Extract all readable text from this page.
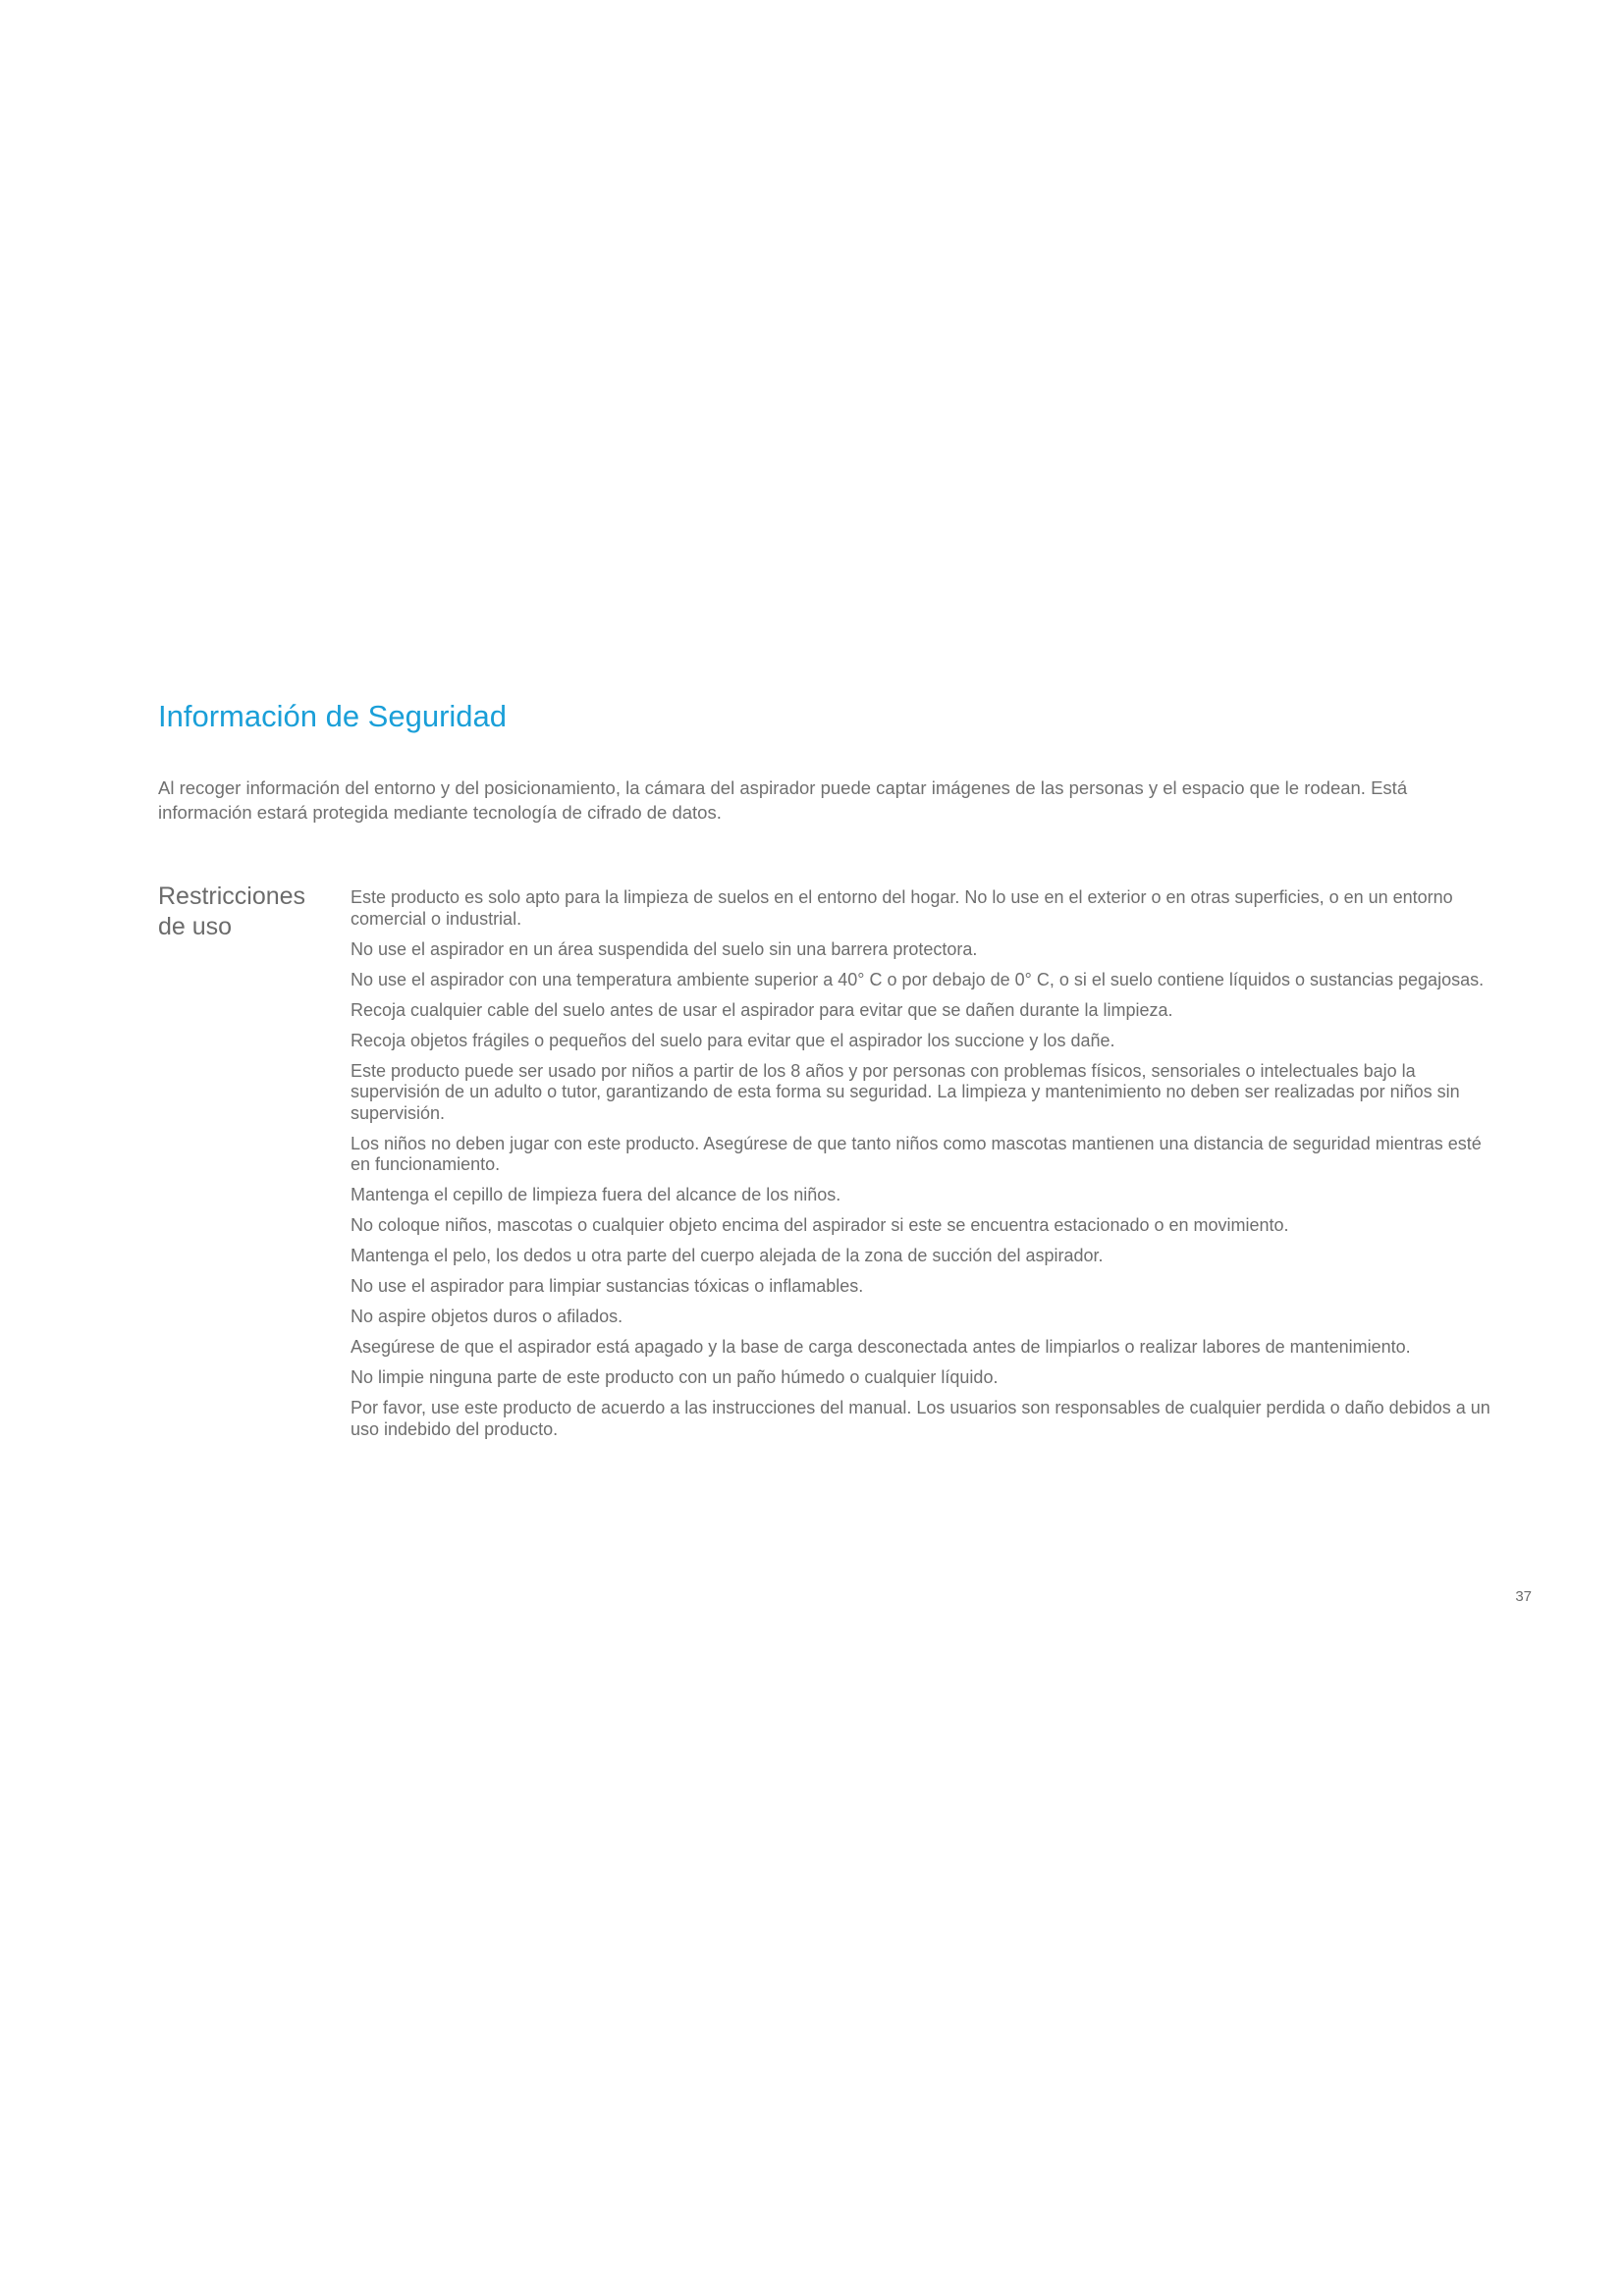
Información de Seguridad

Al recoger información del entorno y del posicionamiento, la cámara del aspirador puede captar imágenes de las personas y el espacio que le rodean. Está información estará protegida mediante tecnología de cifrado de datos.

Restricciones
de uso
Este producto es solo apto para la limpieza de suelos en el entorno del hogar. No lo use en el exterior o en otras superficies, o en un entorno comercial o industrial.
No use el aspirador en un área suspendida del suelo sin una barrera protectora.
No use el aspirador con una temperatura ambiente superior a 40° C o por debajo de 0° C, o si el suelo contiene líquidos o sustancias pegajosas.
Recoja cualquier cable del suelo antes de usar el aspirador para evitar que se dañen durante la limpieza.
Recoja objetos frágiles o pequeños del suelo para evitar que el aspirador los succione y los dañe.
Este producto puede ser usado por niños a partir de los 8 años y por personas con problemas físicos, sensoriales o intelectuales bajo la supervisión de un adulto o tutor, garantizando de esta forma su seguridad. La limpieza y mantenimiento no deben ser realizadas por niños sin supervisión.
Los niños no deben jugar con este producto. Asegúrese de que tanto niños como mascotas mantienen una distancia de seguridad mientras esté en funcionamiento.
Mantenga el cepillo de limpieza fuera del alcance de los niños.
No coloque niños, mascotas o cualquier objeto encima del aspirador si este se encuentra estacionado o en movimiento.
Mantenga el pelo, los dedos u otra parte del cuerpo alejada de la zona de succión del aspirador.
No use el aspirador para limpiar sustancias tóxicas o inflamables.
No aspire objetos duros o afilados.
Asegúrese de que el aspirador está apagado y la base de carga desconectada antes de limpiarlos o realizar labores de mantenimiento.
No limpie ninguna parte de este producto con un paño húmedo o cualquier líquido.
Por favor, use este producto de acuerdo a las instrucciones del manual. Los usuarios son responsables de cualquier perdida o daño debidos a un uso indebido del producto.
37
